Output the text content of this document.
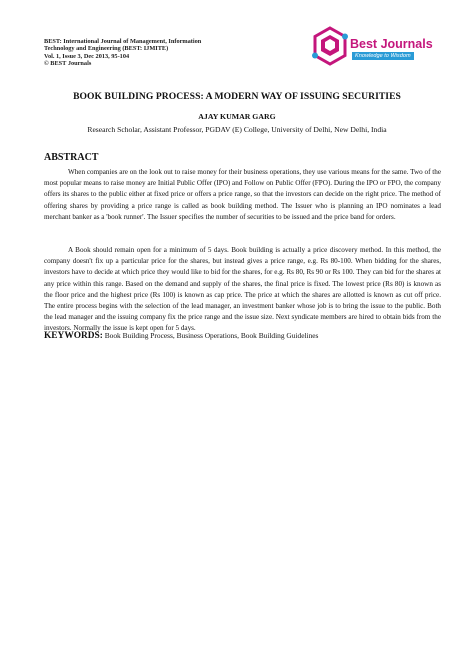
BEST: International Journal of Management, Information
Technology and Engineering (BEST: IJMITE)
Vol. 1, Issue 3, Dec 2013, 95-104
© BEST Journals
Best Journals
Knowledge to Wisdom
BOOK BUILDING PROCESS: A MODERN WAY OF ISSUING SECURITIES
AJAY KUMAR GARG
Research Scholar, Assistant Professor, PGDAV (E) College, University of Delhi, New Delhi, India
ABSTRACT

When companies are on the look out to raise money for their business operations, they use various means for the same. Two of the most popular means to raise money are Initial Public Offer (IPO) and Follow on Public Offer (FPO). During the IPO or FPO, the company offers its shares to the public either at fixed price or offers a price range, so that the investors can decide on the right price. The method of offering shares by providing a price range is called as book building method. The Issuer who is planning an IPO nominates a lead merchant banker as a 'book runner'. The Issuer specifies the number of securities to be issued and the price band for orders.

A Book should remain open for a minimum of 5 days. Book building is actually a price discovery method. In this method, the company doesn't fix up a particular price for the shares, but instead gives a price range, e.g. Rs 80-100. When bidding for the shares, investors have to decide at which price they would like to bid for the shares, for e.g. Rs 80, Rs 90 or Rs 100. They can bid for the shares at any price within this range. Based on the demand and supply of the shares, the final price is fixed. The lowest price (Rs 80) is known as the floor price and the highest price (Rs 100) is known as cap price. The price at which the shares are allotted is known as cut off price. The entire process begins with the selection of the lead manager, an investment banker whose job is to bring the issue to the public. Both the lead manager and the issuing company fix the price range and the issue size. Next syndicate members are hired to obtain bids from the investors. Normally the issue is kept open for 5 days.

KEYWORDS: Book Building Process, Business Operations, Book Building Guidelines
